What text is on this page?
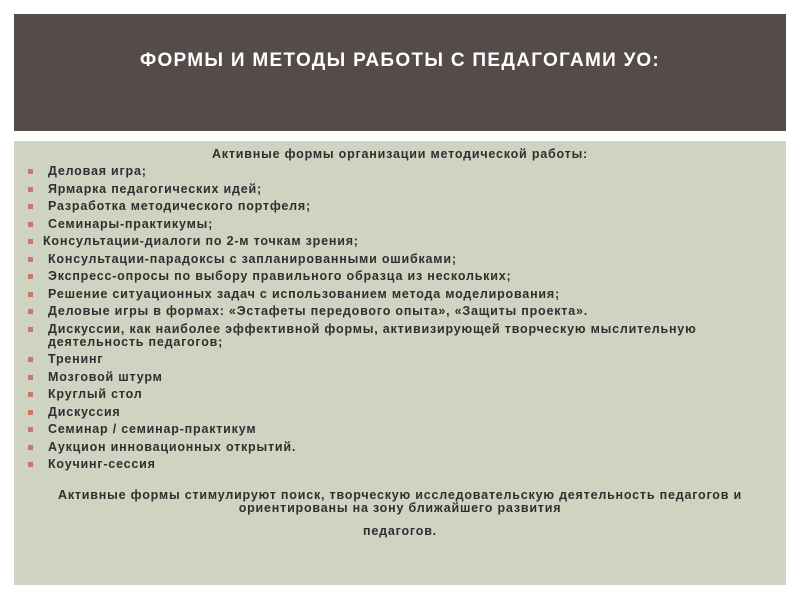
ФОРМЫ И МЕТОДЫ РАБОТЫ С ПЕДАГОГАМИ УО:
Активные формы организации методической работы:
Деловая игра;
Ярмарка педагогических идей;
Разработка методического портфеля;
Семинары-практикумы;
Консультации-диалоги по 2-м точкам зрения;
Консультации-парадоксы с запланированными ошибками;
Экспресс-опросы по выбору правильного образца из нескольких;
Решение ситуационных задач с использованием метода моделирования;
Деловые игры в формах: «Эстафеты передового опыта», «Защиты проекта».
Дискуссии, как наиболее эффективной формы, активизирующей творческую мыслительную деятельность педагогов;
Тренинг
Мозговой штурм
Круглый стол
Дискуссия
Семинар / семинар-практикум
Аукцион инновационных открытий.
Коучинг-сессия
Активные формы стимулируют поиск, творческую исследовательскую деятельность педагогов и ориентированы на зону ближайшего развития
педагогов.
